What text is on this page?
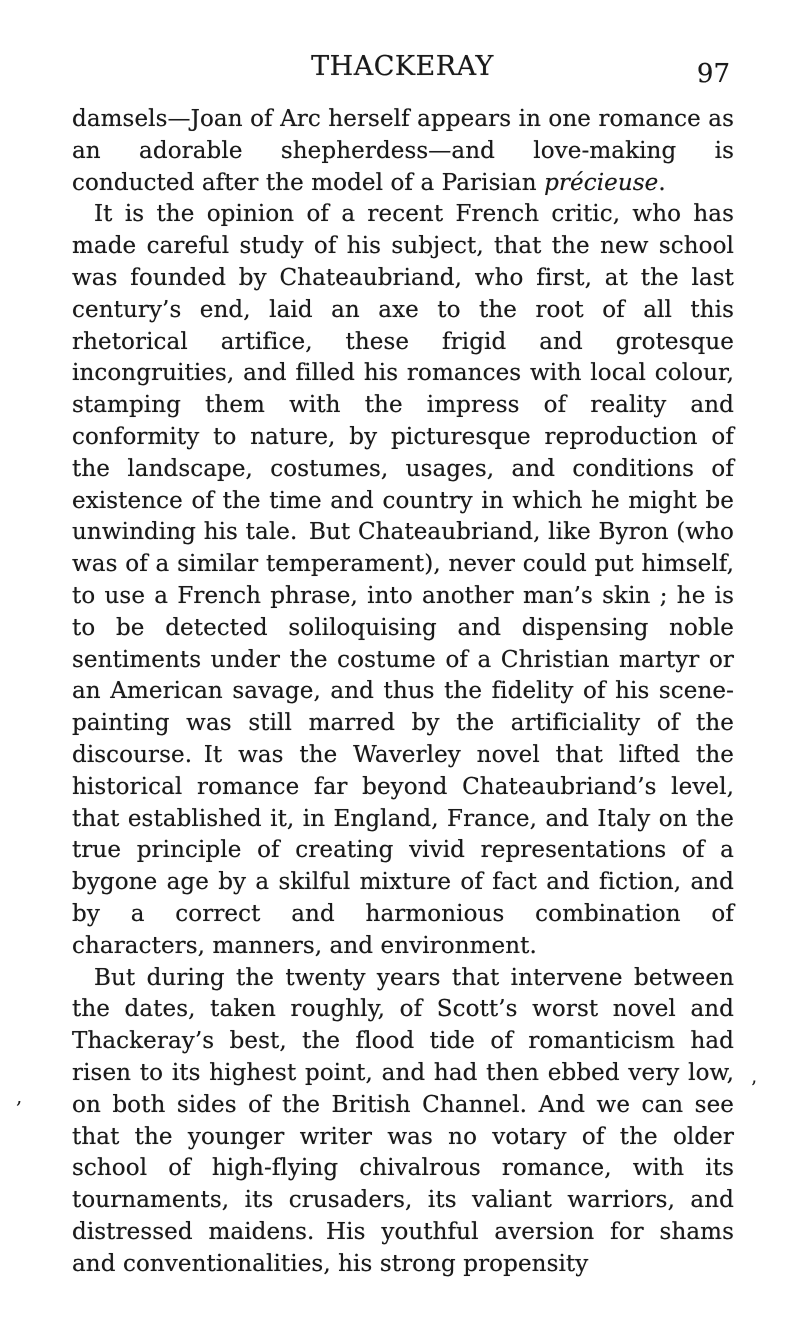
THACKERAY	97

damsels—Joan of Arc herself appears in one romance as an adorable shepherdess—and love-making is conducted after the model of a Parisian précieuse.

It is the opinion of a recent French critic, who has made careful study of his subject, that the new school was founded by Chateaubriand, who first, at the last century’s end, laid an axe to the root of all this rhetorical artifice, these frigid and grotesque incongruities, and filled his romances with local colour, stamping them with the impress of reality and conformity to nature, by picturesque reproduction of the landscape, costumes, usages, and conditions of existence of the time and country in which he might be unwinding his tale. But Chateaubriand, like Byron (who was of a similar temperament), never could put himself, to use a French phrase, into another man’s skin ; he is to be detected soliloquising and dispensing noble sentiments under the costume of a Christian martyr or an American savage, and thus the fidelity of his scene-painting was still marred by the artificiality of the discourse. It was the Waverley novel that lifted the historical romance far beyond Chateaubriand’s level, that established it, in England, France, and Italy on the true principle of creating vivid representations of a bygone age by a skilful mixture of fact and fiction, and by a correct and harmonious combination of characters, manners, and environment.

But during the twenty years that intervene between the dates, taken roughly, of Scott’s worst novel and Thackeray’s best, the flood tide of romanticism had risen to its highest point, and had then ebbed very low, on both sides of the British Channel. And we can see that the younger writer was no votary of the older school of high-flying chivalrous romance, with its tournaments, its crusaders, its valiant warriors, and distressed maidens. His youthful aversion for shams and conventionalities, his strong propensity

,	ʼ
